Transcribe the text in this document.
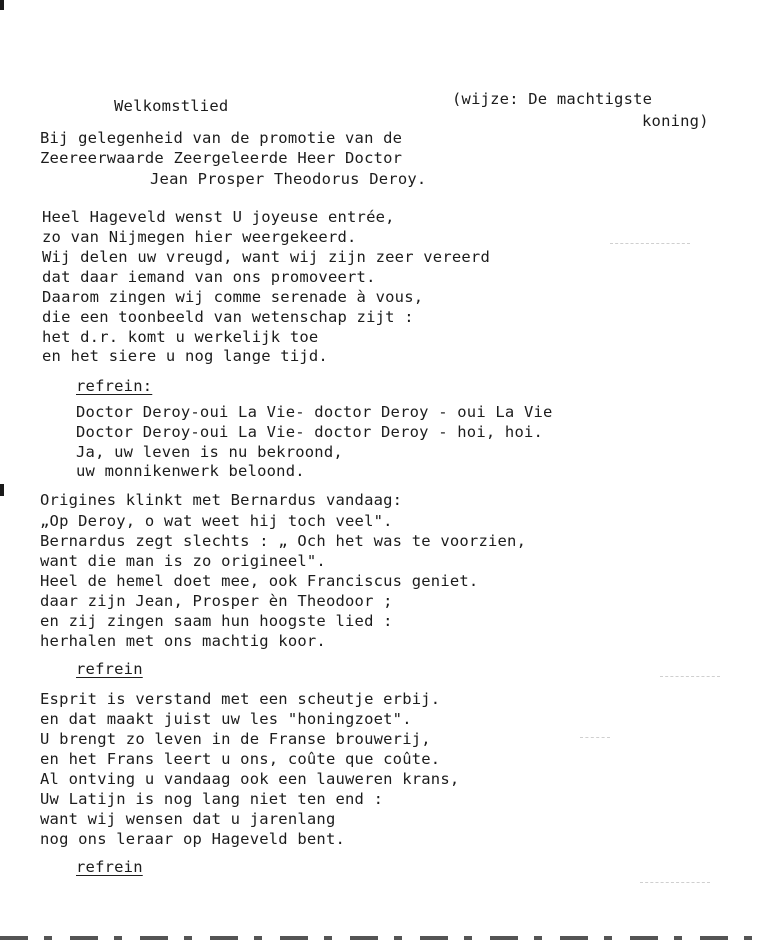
Welkomstlied	(wijze: De machtigste
koning)
Bij gelegenheid van de promotie van de
Zeereerwaarde Zeergeleerde Heer Doctor
Jean Prosper Theodorus Deroy.
Heel Hageveld wenst U joyeuse entrée,
zo van Nijmegen hier weergekeerd.
Wij delen uw vreugd, want wij zijn zeer vereerd
dat daar iemand van ons promoveert.
Daarom zingen wij comme serenade à vous,
die een toonbeeld van wetenschap zijt :
het d.r. komt u werkelijk toe
en het siere u nog lange tijd.
refrein:
Doctor Deroy-oui La Vie- doctor Deroy - oui La Vie
Doctor Deroy-oui La Vie- doctor Deroy - hoi, hoi.
Ja, uw leven is nu bekroond,
uw monnikenwerk beloond.
Origines klinkt met Bernardus vandaag:
„Op Deroy, o wat weet hij toch veel".
Bernardus zegt slechts : „ Och het was te voorzien,
want die man is zo origineel".
Heel de hemel doet mee, ook Franciscus geniet.
daar zijn Jean, Prosper èn Theodoor ;
en zij zingen saam hun hoogste lied :
herhalen met ons machtig koor.
refrein
Esprit is verstand met een scheutje erbij.
en dat maakt juist uw les "honingzoet".
U brengt zo leven in de Franse brouwerij,
en het Frans leert u ons, coûte que coûte.
Al ontving u vandaag ook een lauweren krans,
Uw Latijn is nog lang niet ten end :
want wij wensen dat u jarenlang
nog ons leraar op Hageveld bent.
refrein
